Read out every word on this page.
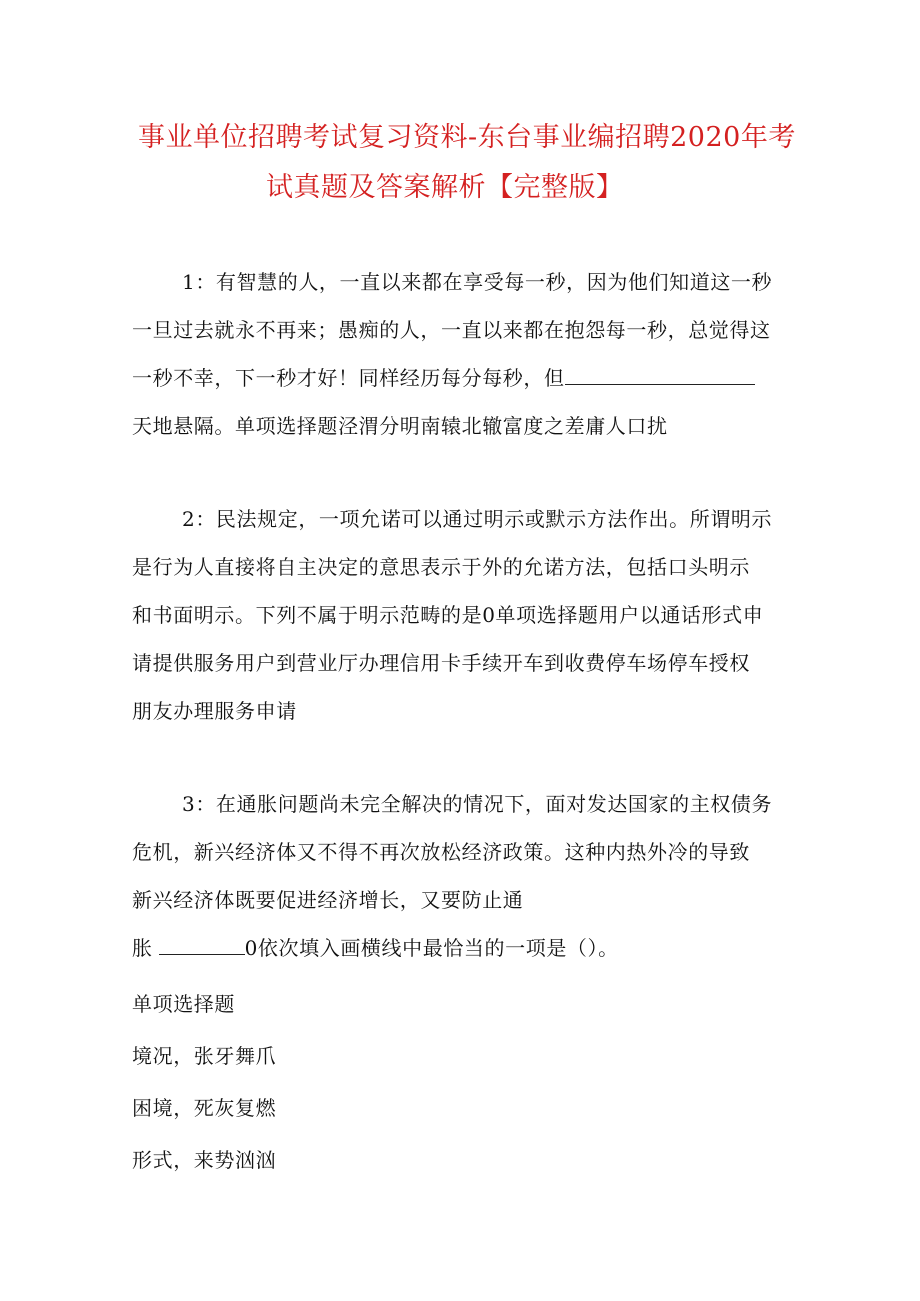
事业单位招聘考试复习资料-东台事业编招聘2020年考
试真题及答案解析【完整版】
1：有智慧的人，一直以来都在享受每一秒，因为他们知道这一秒
一旦过去就永不再来；愚痴的人，一直以来都在抱怨每一秒，总觉得这
一秒不幸，下一秒才好！同样经历每分每秒，但
天地悬隔。单项选择题泾渭分明南辕北辙富度之差庸人口扰
2：民法规定，一项允诺可以通过明示或默示方法作出。所谓明示
是行为人直接将自主决定的意思表示于外的允诺方法，包括口头明示
和书面明示。下列不属于明示范畴的是0单项选择题用户以通话形式申
请提供服务用户到营业厅办理信用卡手续开车到收费停车场停车授权
朋友办理服务申请
3：在通胀问题尚未完全解决的情况下，面对发达国家的主权债务
危机，新兴经济体又不得不再次放松经济政策。这种内热外冷的导致
新兴经济体既要促进经济增长，又要防止通
胀	0依次填入画横线中最恰当的一项是（）。
单项选择题
境况，张牙舞爪
困境，死灰复燃
形式，来势汹汹
